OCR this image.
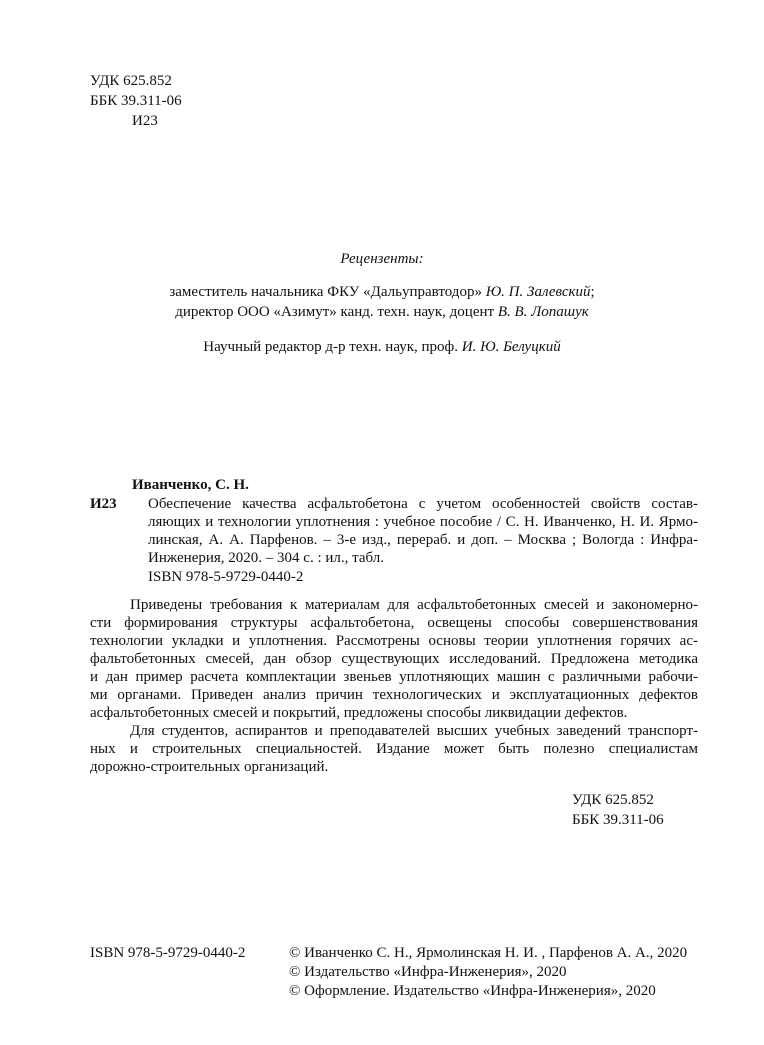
УДК 625.852
ББК 39.311-06
И23
Рецензенты:
заместитель начальника ФКУ «Дальуправтодор» Ю. П. Залевский;
директор ООО «Азимут» канд. техн. наук, доцент В. В. Лопашук
Научный редактор д-р техн. наук, проф. И. Ю. Белуцкий
Иванченко, С. Н.
И23 Обеспечение качества асфальтобетона с учетом особенностей свойств состав-
ляющих и технологии уплотнения : учебное пособие / С. Н. Иванченко, Н. И. Ярмо-
линская, А. А. Парфенов. – 3-е изд., перераб. и доп. – Москва ; Вологда : Инфра-
Инженерия, 2020. – 304 с. : ил., табл.
ISBN 978-5-9729-0440-2
Приведены требования к материалам для асфальтобетонных смесей и закономерно-
сти формирования структуры асфальтобетона, освещены способы совершенствования
технологии укладки и уплотнения. Рассмотрены основы теории уплотнения горячих ас-
фальтобетонных смесей, дан обзор существующих исследований. Предложена методика
и дан пример расчета комплектации звеньев уплотняющих машин с различными рабочи-
ми органами. Приведен анализ причин технологических и эксплуатационных дефектов
асфальтобетонных смесей и покрытий, предложены способы ликвидации дефектов.
Для студентов, аспирантов и преподавателей высших учебных заведений транспорт-
ных и строительных специальностей. Издание может быть полезно специалистам
дорожно-строительных организаций.
УДК 625.852
ББК 39.311-06
ISBN 978-5-9729-0440-2	© Иванченко С. Н., Ярмолинская Н. И. , Парфенов А. А., 2020
© Издательство «Инфра-Инженерия», 2020
© Оформление. Издательство «Инфра-Инженерия», 2020
